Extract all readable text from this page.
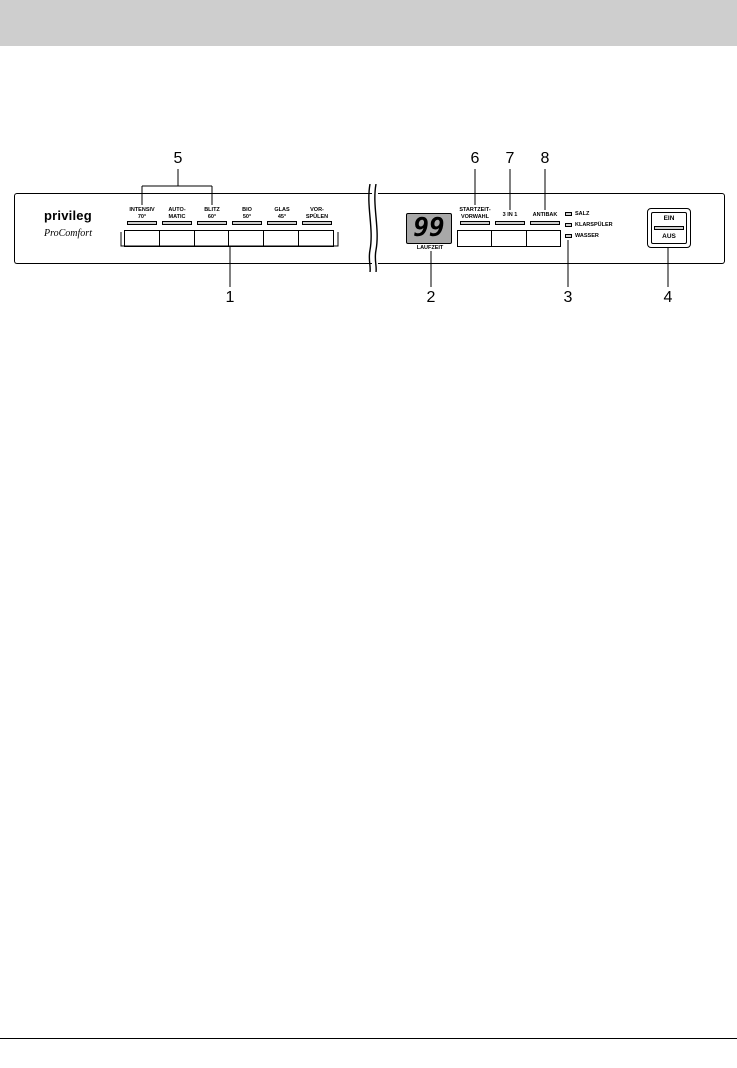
5	6 7 8
1	2	3	4
privileg
ProComfort
INTENSIV
70°
AUTO-
MATIC
BLITZ
60°
BIO
50°
GLAS
45°
VOR-
SPÜLEN	99
LAUFZEIT
STARTZEIT-
VORWAHL	3 IN 1	ANTIBAK	SALZ
KLARSPÜLER
WASSER
EIN
AUS
